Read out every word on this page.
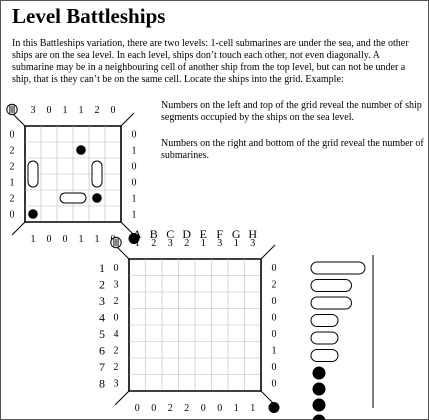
Level Battleships
In this Battleships variation, there are two levels: 1-cell submarines are under the sea, and the other ships are on the sea level. In each level, ships don’t touch each other, not even diagonally. A submarine may be in a neighbouring cell of another ship from the top level, but can not be under a ship, that is they can’t be on the same cell. Locate the ships into the grid. Example:
Numbers on the left and top of the grid reveal the number of ship segments occupied by the ships on the sea level.
Numbers on the right and bottom of the grid reveal the number of submarines.
3 0 1 1 2 0
1 0 0 1 1
0
2
2
1
2
0
0
1
0
0
1
1
1 2 3 2 1 3 1 3
0 0 2 2 0 0 1 1
0
3
2
0
4
2
2
3
0
2
0
0
0
1
0
0
A B C D E F G H
1
2
3
4
5
6
7
8
